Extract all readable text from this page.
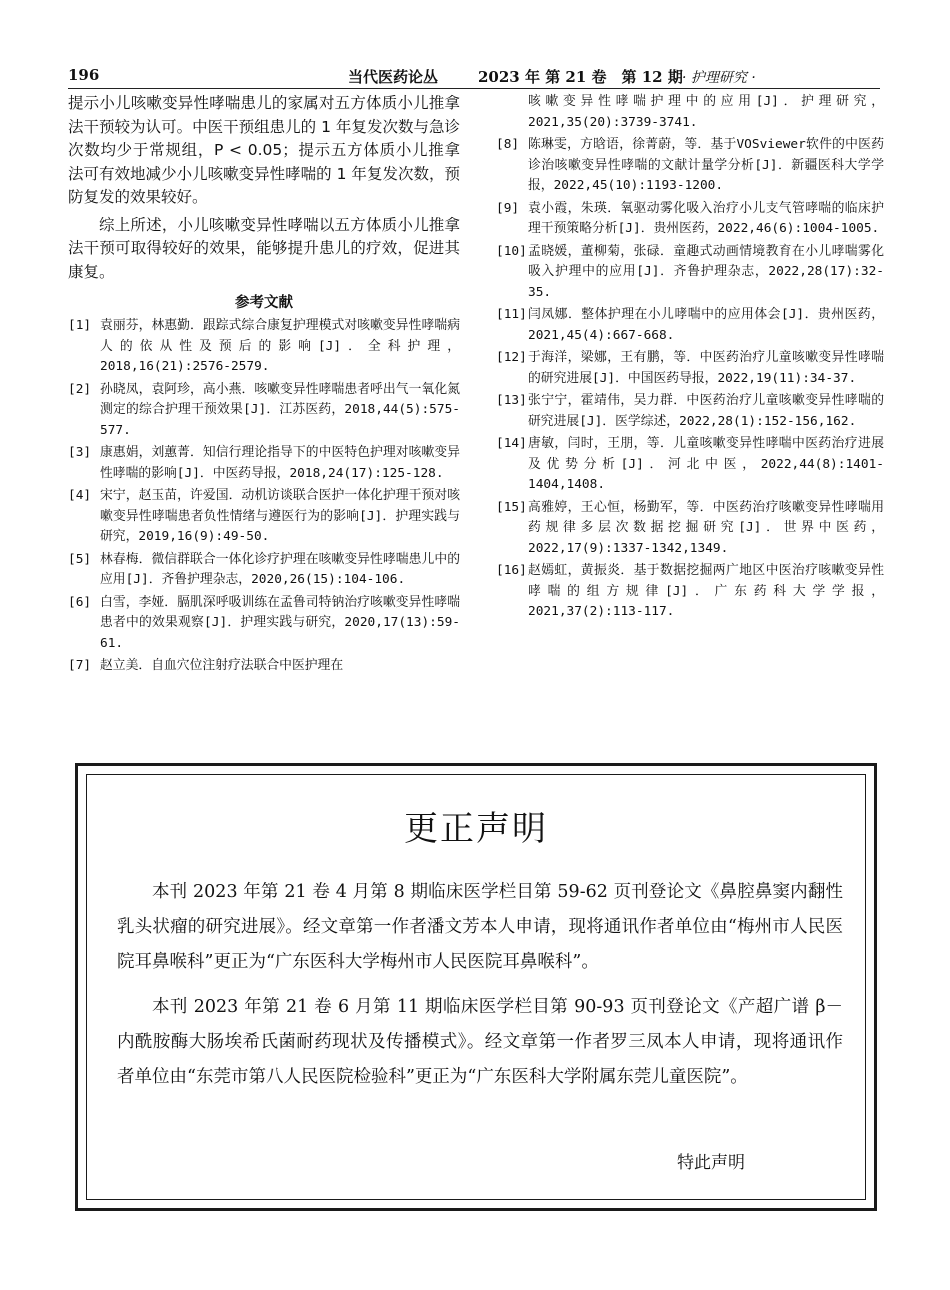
196	当代医药论丛	2023 年 第 21 卷　第 12 期 · 护理研究 ·

提示小儿咳嗽变异性哮喘患儿的家属对五方体质小儿推拿法干预较为认可。中医干预组患儿的 1 年复发次数与急诊次数均少于常规组，P < 0.05；提示五方体质小儿推拿法可有效地减少小儿咳嗽变异性哮喘的 1 年复发次数，预防复发的效果较好。

综上所述，小儿咳嗽变异性哮喘以五方体质小儿推拿法干预可取得较好的效果，能够提升患儿的疗效，促进其康复。

参考文献

[1] 袁丽芬，林惠勤．跟踪式综合康复护理模式对咳嗽变异性哮喘病人的依从性及预后的影响[J]．全科护理，2018,16(21):2576-2579.

[2] 孙晓凤，袁阿珍，高小燕．咳嗽变异性哮喘患者呼出气一氧化氮测定的综合护理干预效果[J]．江苏医药，2018,44(5):575-577.

[3] 康惠娟，刘蕙菁．知信行理论指导下的中医特色护理对咳嗽变异性哮喘的影响[J]．中医药导报，2018,24(17):125-128.

[4] 宋宁，赵玉苗，许爱国．动机访谈联合医护一体化护理干预对咳嗽变异性哮喘患者负性情绪与遵医行为的影响[J]．护理实践与研究，2019,16(9):49-50.

[5] 林春梅．微信群联合一体化诊疗护理在咳嗽变异性哮喘患儿中的应用[J]．齐鲁护理杂志，2020,26(15):104-106.

[6] 白雪，李娅．膈肌深呼吸训练在孟鲁司特钠治疗咳嗽变异性哮喘患者中的效果观察[J]．护理实践与研究，2020,17(13):59-61.

[7] 赵立美．自血穴位注射疗法联合中医护理在

咳嗽变异性哮喘护理中的应用[J]．护理研究，2021,35(20):3739-3741.

[8] 陈琳雯，方晗语，徐菁蔚，等．基于VOSviewer软件的中医药诊治咳嗽变异性哮喘的文献计量学分析[J]．新疆医科大学学报，2022,45(10):1193-1200.

[9] 袁小霞，朱瑛．氧驱动雾化吸入治疗小儿支气管哮喘的临床护理干预策略分析[J]．贵州医药，2022,46(6):1004-1005.

[10] 孟晓媛，董柳菊，张碌．童趣式动画情境教育在小儿哮喘雾化吸入护理中的应用[J]．齐鲁护理杂志，2022,28(17):32-35.

[11] 闫凤娜．整体护理在小儿哮喘中的应用体会[J]．贵州医药，2021,45(4):667-668.

[12] 于海洋，梁娜，王有鹏，等．中医药治疗儿童咳嗽变异性哮喘的研究进展[J]．中国医药导报，2022,19(11):34-37.

[13] 张宁宁，霍靖伟，吴力群．中医药治疗儿童咳嗽变异性哮喘的研究进展[J]．医学综述，2022,28(1):152-156,162.

[14] 唐敏，闫时，王朋，等．儿童咳嗽变异性哮喘中医药治疗进展及优势分析[J]．河北中医，2022,44(8):1401-1404,1408.

[15] 高雅婷，王心恒，杨勤军，等．中医药治疗咳嗽变异性哮喘用药规律多层次数据挖掘研究[J]．世界中医药，2022,17(9):1337-1342,1349.

[16] 赵嫣虹，黄振炎．基于数据挖掘两广地区中医治疗咳嗽变异性哮喘的组方规律[J]．广东药科大学学报，2021,37(2):113-117.

更正声明

本刊 2023 年第 21 卷 4 月第 8 期临床医学栏目第 59-62 页刊登论文《鼻腔鼻窦内翻性乳头状瘤的研究进展》。经文章第一作者潘文芳本人申请，现将通讯作者单位由“梅州市人民医院耳鼻喉科”更正为“广东医科大学梅州市人民医院耳鼻喉科”。

本刊 2023 年第 21 卷 6 月第 11 期临床医学栏目第 90-93 页刊登论文《产超广谱 β－内酰胺酶大肠埃希氏菌耐药现状及传播模式》。经文章第一作者罗三凤本人申请，现将通讯作者单位由“东莞市第八人民医院检验科”更正为“广东医科大学附属东莞儿童医院”。

特此声明
